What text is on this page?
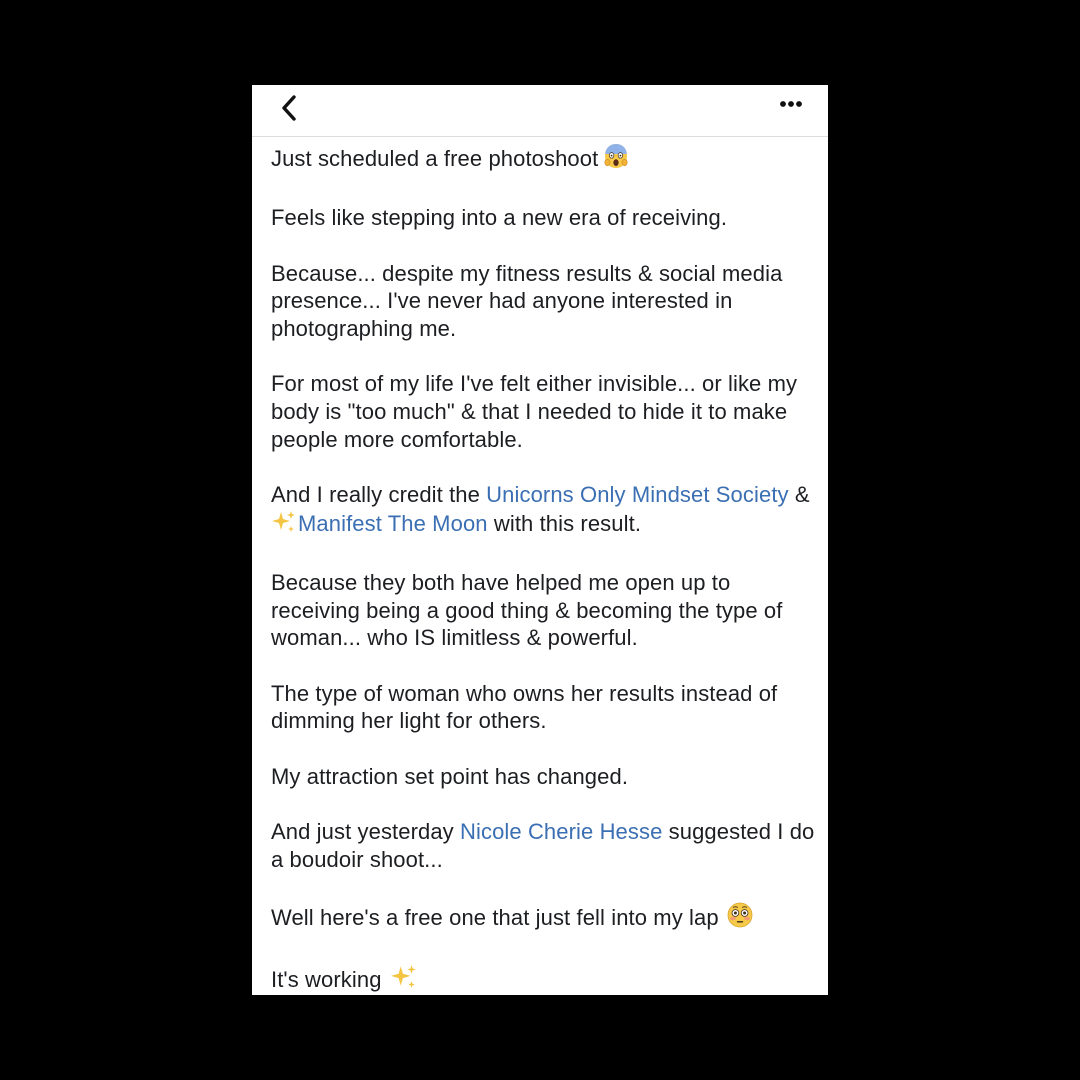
Just scheduled a free photoshoot

Feels like stepping into a new era of receiving.

Because... despite my fitness results & social media presence... I've never had anyone interested in photographing me.

For most of my life I've felt either invisible... or like my body is "too much" & that I needed to hide it to make people more comfortable.

And I really credit the Unicorns Only Mindset Society & Manifest The Moon with this result.

Because they both have helped me open up to receiving being a good thing & becoming the type of woman... who IS limitless & powerful.

The type of woman who owns her results instead of dimming her light for others.

My attraction set point has changed.

And just yesterday Nicole Cherie Hesse suggested I do a boudoir shoot...

Well here's a free one that just fell into my lap

It's working
